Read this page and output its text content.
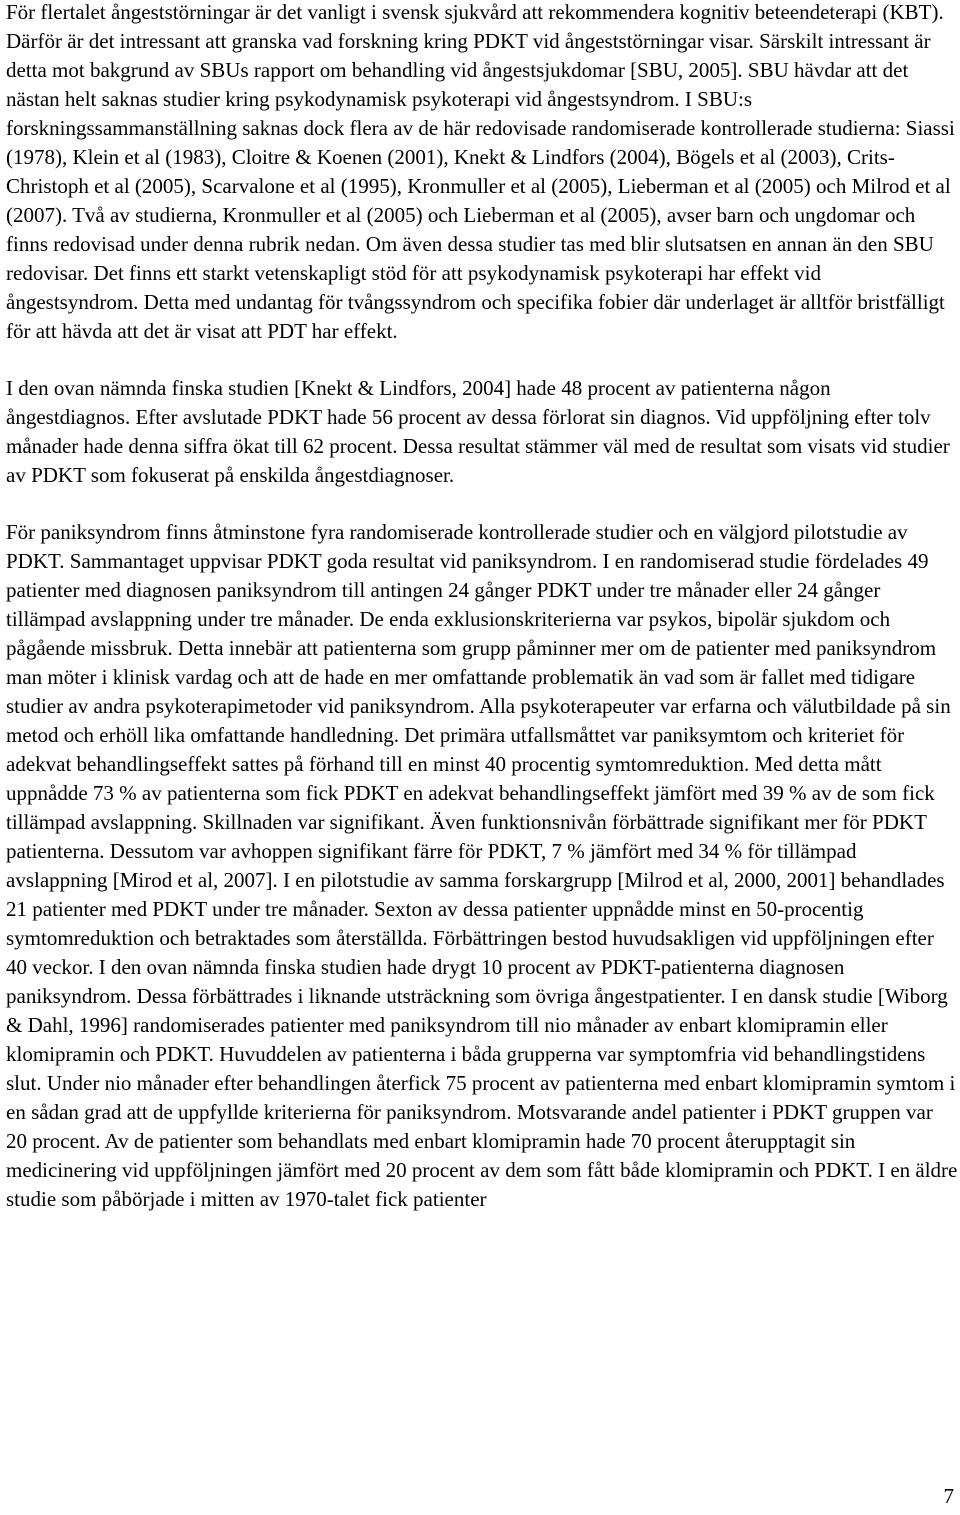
För flertalet ångeststörningar är det vanligt i svensk sjukvård att rekommendera kognitiv beteendeterapi (KBT). Därför är det intressant att granska vad forskning kring PDKT vid ångeststörningar visar. Särskilt intressant är detta mot bakgrund av SBUs rapport om behandling vid ångestsjukdomar [SBU, 2005]. SBU hävdar att det nästan helt saknas studier kring psykodynamisk psykoterapi vid ångestsyndrom. I SBU:s forskningssammanställning saknas dock flera av de här redovisade randomiserade kontrollerade studierna: Siassi (1978), Klein et al (1983), Cloitre & Koenen (2001), Knekt & Lindfors (2004), Bögels et al (2003), Crits-Christoph et al (2005), Scarvalone et al (1995), Kronmuller et al (2005), Lieberman et al (2005) och Milrod et al (2007). Två av studierna, Kronmuller et al (2005) och Lieberman et al (2005), avser barn och ungdomar och finns redovisad under denna rubrik nedan. Om även dessa studier tas med blir slutsatsen en annan än den SBU redovisar. Det finns ett starkt vetenskapligt stöd för att psykodynamisk psykoterapi har effekt vid ångestsyndrom. Detta med undantag för tvångssyndrom och specifika fobier där underlaget är alltför bristfälligt för att hävda att det är visat att PDT har effekt.

I den ovan nämnda finska studien [Knekt & Lindfors, 2004] hade 48 procent av patienterna någon ångestdiagnos. Efter avslutade PDKT hade 56 procent av dessa förlorat sin diagnos. Vid uppföljning efter tolv månader hade denna siffra ökat till 62 procent. Dessa resultat stämmer väl med de resultat som visats vid studier av PDKT som fokuserat på enskilda ångestdiagnoser.

För paniksyndrom finns åtminstone fyra randomiserade kontrollerade studier och en välgjord pilotstudie av PDKT. Sammantaget uppvisar PDKT goda resultat vid paniksyndrom. I en randomiserad studie fördelades 49 patienter med diagnosen paniksyndrom till antingen 24 gånger PDKT under tre månader eller 24 gånger tillämpad avslappning under tre månader. De enda exklusionskriterierna var psykos, bipolär sjukdom och pågående missbruk. Detta innebär att patienterna som grupp påminner mer om de patienter med paniksyndrom man möter i klinisk vardag och att de hade en mer omfattande problematik än vad som är fallet med tidigare studier av andra psykoterapimetoder vid paniksyndrom. Alla psykoterapeuter var erfarna och välutbildade på sin metod och erhöll lika omfattande handledning. Det primära utfallsmåttet var paniksymtom och kriteriet för adekvat behandlingseffekt sattes på förhand till en minst 40 procentig symtomreduktion. Med detta mått uppnådde 73 % av patienterna som fick PDKT en adekvat behandlingseffekt jämfört med 39 % av de som fick tillämpad avslappning. Skillnaden var signifikant. Även funktionsnivån förbättrade signifikant mer för PDKT patienterna. Dessutom var avhoppen signifikant färre för PDKT, 7 % jämfört med 34 % för tillämpad avslappning [Mirod et al, 2007]. I en pilotstudie av samma forskargrupp [Milrod et al, 2000, 2001] behandlades 21 patienter med PDKT under tre månader. Sexton av dessa patienter uppnådde minst en 50-procentig symtomreduktion och betraktades som återställda. Förbättringen bestod huvudsakligen vid uppföljningen efter 40 veckor. I den ovan nämnda finska studien hade drygt 10 procent av PDKT-patienterna diagnosen paniksyndrom. Dessa förbättrades i liknande utsträckning som övriga ångestpatienter. I en dansk studie [Wiborg & Dahl, 1996] randomiserades patienter med paniksyndrom till nio månader av enbart klomipramin eller klomipramin och PDKT. Huvuddelen av patienterna i båda grupperna var symptomfria vid behandlingstidens slut. Under nio månader efter behandlingen återfick 75 procent av patienterna med enbart klomipramin symtom i en sådan grad att de uppfyllde kriterierna för paniksyndrom. Motsvarande andel patienter i PDKT gruppen var 20 procent. Av de patienter som behandlats med enbart klomipramin hade 70 procent återupptagit sin medicinering vid uppföljningen jämfört med 20 procent av dem som fått både klomipramin och PDKT. I en äldre studie som påbörjade i mitten av 1970-talet fick patienter

7
